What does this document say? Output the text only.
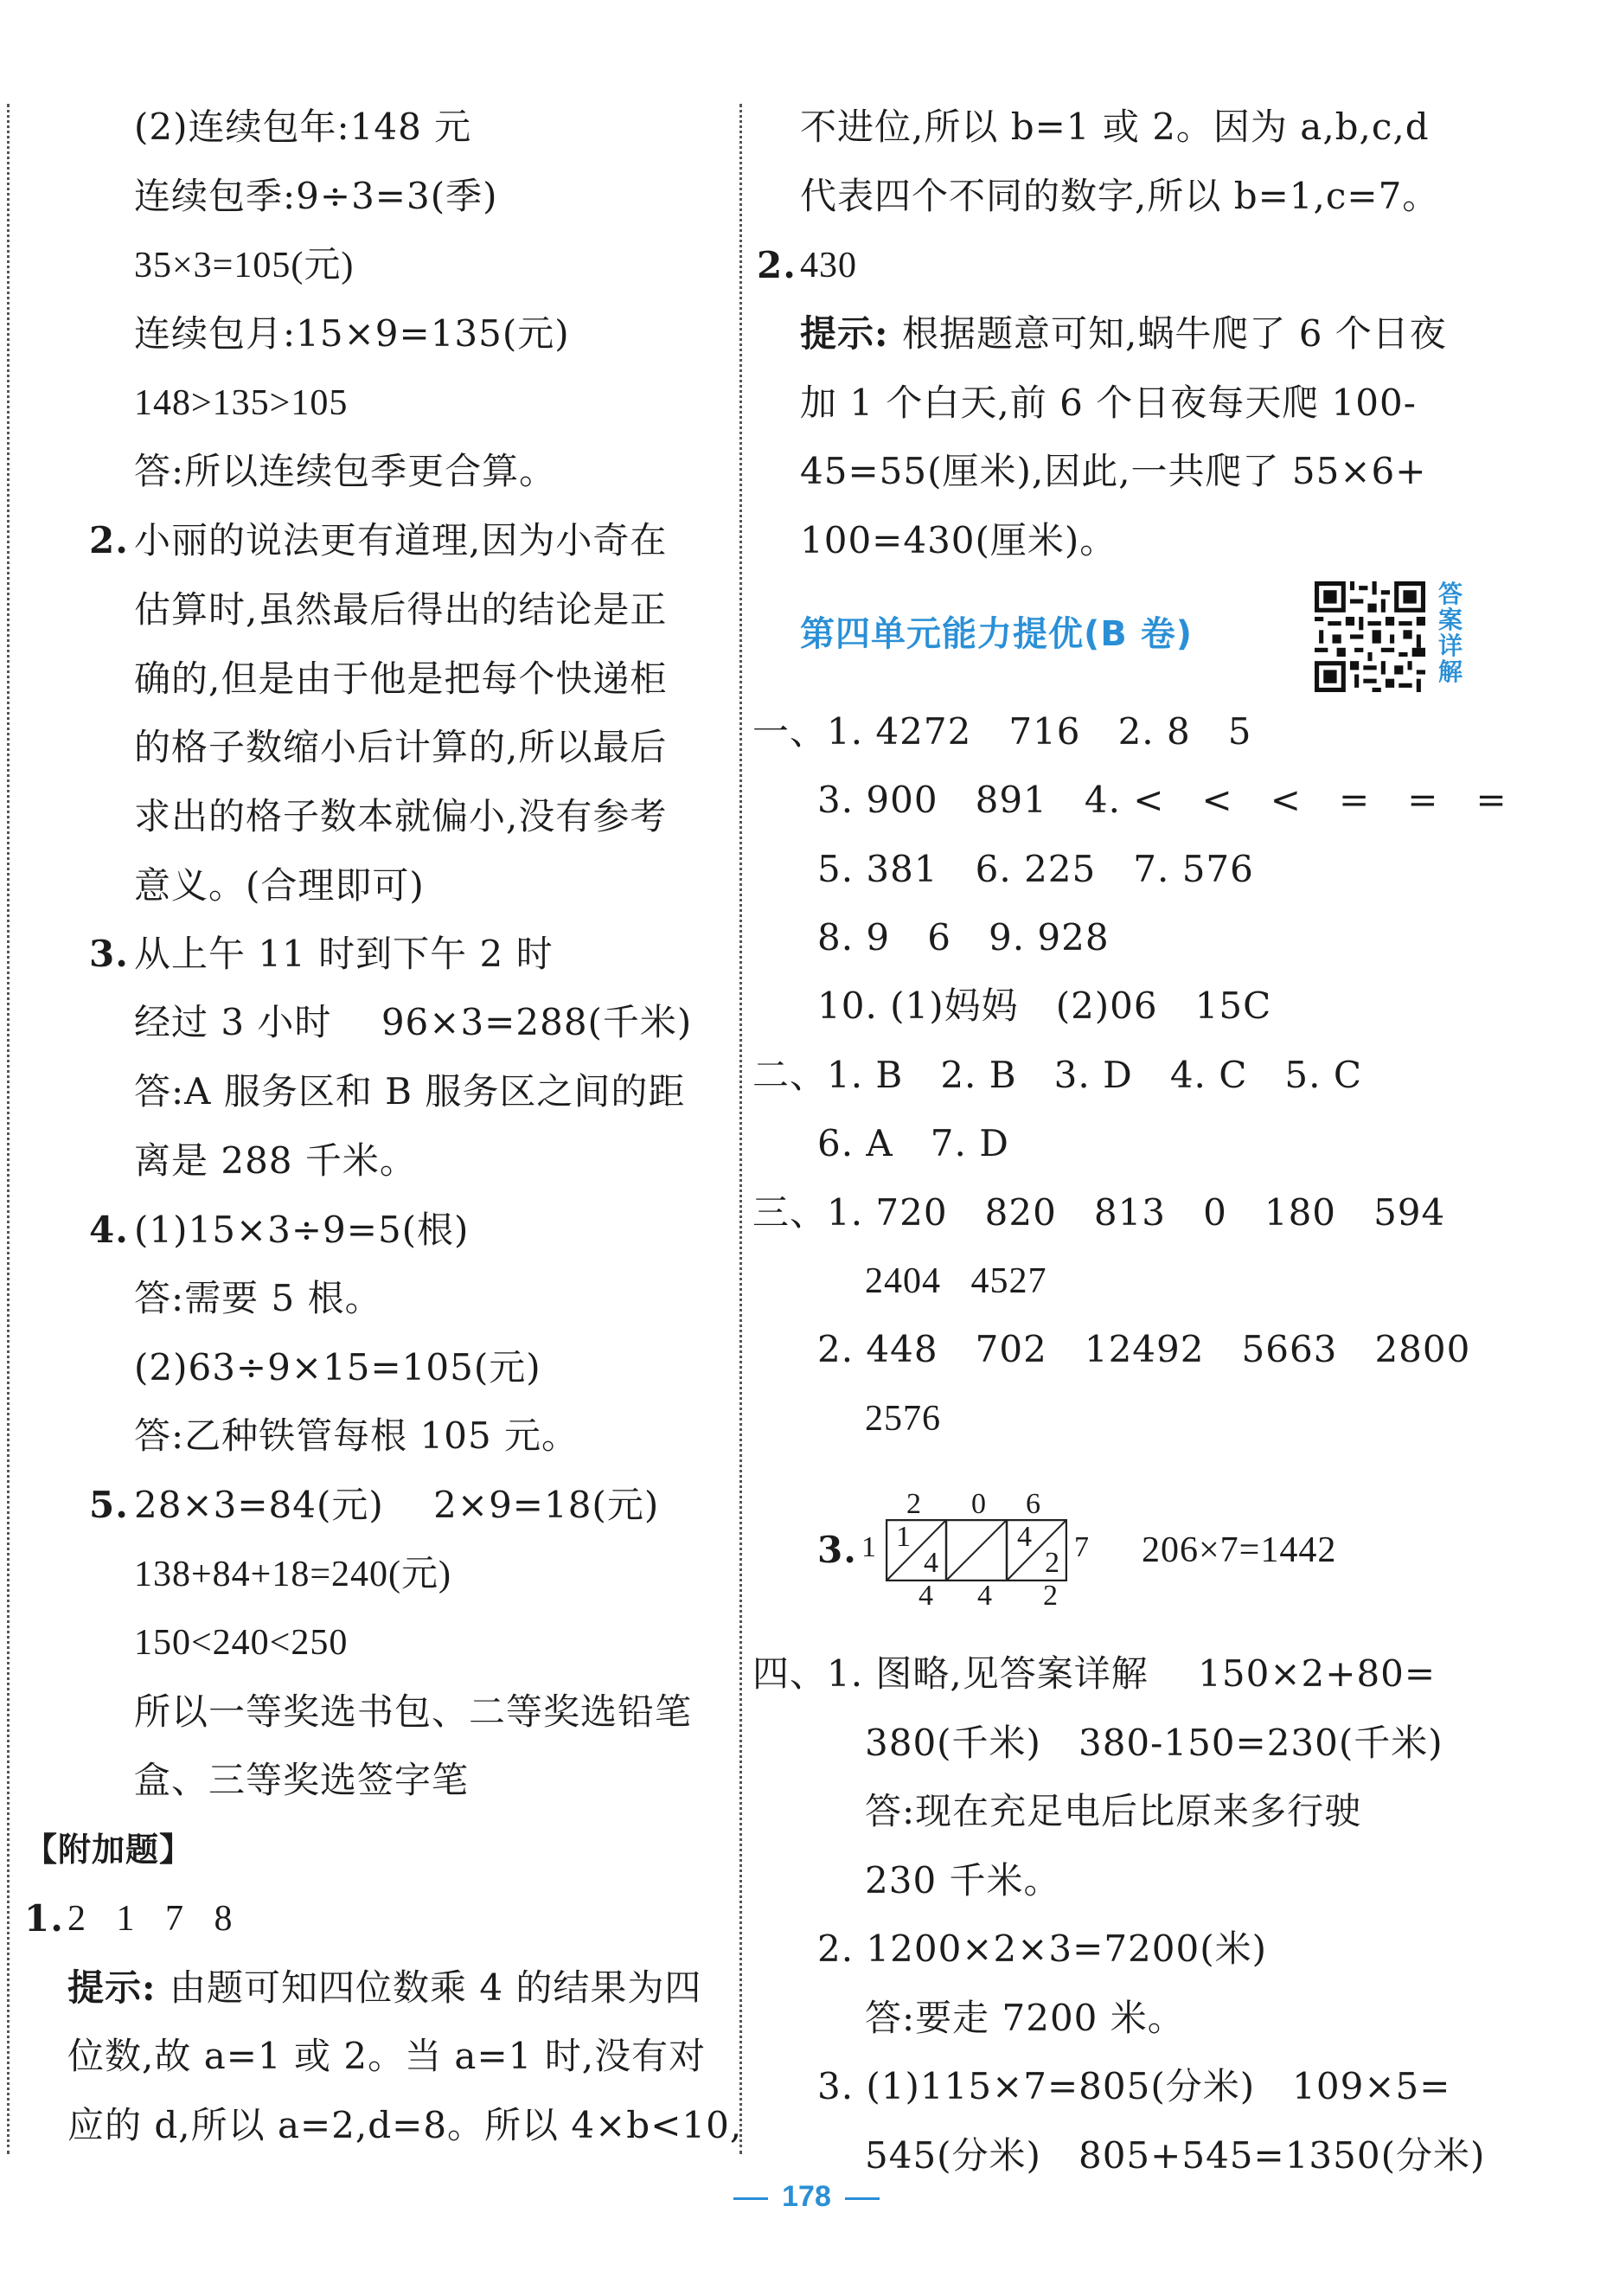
(2)连续包年:148 元
连续包季:9÷3=3(季)
35×3=105(元)
连续包月:15×9=135(元)
148>135>105
答:所以连续包季更合算。
2. 小丽的说法更有道理,因为小奇在
估算时,虽然最后得出的结论是正
确的,但是由于他是把每个快递柜
的格子数缩小后计算的,所以最后
求出的格子数本就偏小,没有参考
意义。(合理即可)
3. 从上午 11 时到下午 2 时
经过 3 小时    96×3=288(千米)
答:A 服务区和 B 服务区之间的距
离是 288 千米。
4. (1)15×3÷9=5(根)
答:需要 5 根。
(2)63÷9×15=105(元)
答:乙种铁管每根 105 元。
5. 28×3=84(元)    2×9=18(元)
138+84+18=240(元)
150<240<250
所以一等奖选书包、二等奖选铅笔
盒、三等奖选签字笔
【附加题】
1. 2   1   7   8
提示: 由题可知四位数乘 4 的结果为四
位数,故 a=1 或 2。当 a=1 时,没有对
应的 d,所以 a=2,d=8。所以 4×b<10,
不进位,所以 b=1 或 2。因为 a,b,c,d
代表四个不同的数字,所以 b=1,c=7。
2. 430
提示: 根据题意可知,蜗牛爬了 6 个日夜
加 1 个白天,前 6 个日夜每天爬 100-
45=55(厘米),因此,一共爬了 55×6+
100=430(厘米)。
第四单元能力提优(B 卷)
答案详解
一、1. 4272   716   2. 8   5
3. 900   891   4. <   <   <   =   =   =
5. 381   6. 225   7. 576
8. 9   6   9. 928
10. (1)妈妈   (2)06   15C
二、1. B   2. B   3. D   4. C   5. C
6. A   7. D
三、1. 720   820   813   0   180   594
2404   4527
2. 448   702   12492   5663   2800
2576
3.
2 0 6
1	7
1
4
4
2
4 4 2
206×7=1442
四、1. 图略,见答案详解    150×2+80=
380(千米)   380-150=230(千米)
答:现在充足电后比原来多行驶
230 千米。
2. 1200×2×3=7200(米)
答:要走 7200 米。
3. (1)115×7=805(分米)   109×5=
545(分米)   805+545=1350(分米)
178
